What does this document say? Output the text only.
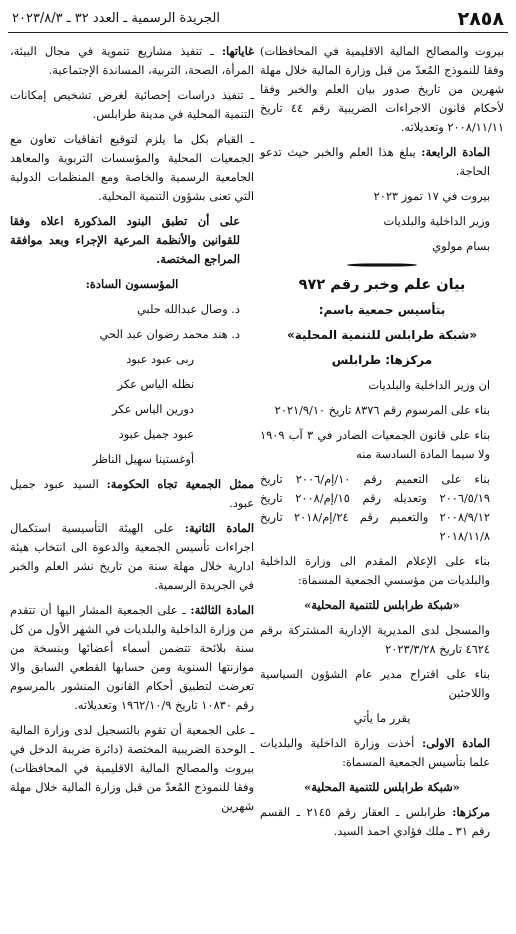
٢٨٥٨
الجريدة الرسمية ـ العدد ٣٢ ـ ٢٠٢٣/٨/٣

بيروت والمصالح المالية الاقليمية في المحافظات) وفقا للنموذج المُعدّ من قبل وزارة المالية خلال مهلة شهرين من تاريخ صدور بيان العلم والخبر وفقا لأحكام قانون الاجراءات الضريبية رقم ٤٤ تاريخ ٢٠٠٨/١١/١١ وتعديلاته.

المادة الرابعة: يبلغ هذا العلم والخبر حيث تدعو الحاجة.

بيروت في ١٧ تموز ٢٠٢٣

وزير الداخلية والبلديات

بسام مولوي

بيان علم وخبر رقم ٩٧٢

بتأسيس جمعية باسم:

«شبكة طرابلس للتنمية المحلية»

مركزها: طرابلس

ان وزير الداخلية والبلديات

بناء على المرسوم رقم ٨٣٧٦ تاريخ ٢٠٢١/٩/١٠

بناء على قانون الجمعيات الصادر في ٣ آب ١٩٠٩ ولا سيما المادة السادسة منه

بناء على التعميم رقم ١٠/إم/٢٠٠٦ تاريخ ٢٠٠٦/٥/١٩ وتعديله رقم ١٥/إم/٢٠٠٨ تاريخ ٢٠٠٨/٩/١٢ والتعميم رقم ٢٤/إم/٢٠١٨ تاريخ ٢٠١٨/١١/٨

بناء على الإعلام المقدم الى وزارة الداخلية والبلديات من مؤسسي الجمعية المسماة:

«شبكة طرابلس للتنمية المحلية»

والمسجل لدى المديرية الإدارية المشتركة برقم ٤٦٢٤ تاريخ ٢٠٢٣/٣/٢٨

بناء على اقتراح مدير عام الشؤون السياسية واللاجئين

يقرر ما يأتي

المادة الاولى: أخذت وزارة الداخلية والبلديات علما بتأسيس الجمعية المسماة:

«شبكة طرابلس للتنمية المحلية»

مركزها: طرابلس ـ العقار رقم ٢١٤٥ ـ القسم رقم ٣١ ـ ملك فؤادي احمد السيد.

غاياتها: ـ تنفيذ مشاريع تنموية في مجال البيئة، المرأة، الصحة، التربية، المساندة الإجتماعية.

ـ تنفيذ دراسات إحصائية لغرض تشخيص إمكانات التنمية المحلية في مدينة طرابلس.

ـ القيام بكل ما يلزم لتوقيع اتفاقيات تعاون مع الجمعيات المحلية والمؤسسات التربوية والمعاهد الجامعية الرسمية والخاصة ومع المنظمات الدولية التي تعنى بشؤون التنمية المحلية.

على أن تطبق البنود المذكورة اعلاه وفقا للقوانين والأنظمة المرعية الإجراء وبعد موافقة المراجع المختصة.

المؤسسون السادة:

د. وصال عبدالله حلبي

د. هند محمد رضوان عبد الحي

ربى عبود عبود

نظله الياس عكر

دورين الياس عكر

عبود جميل عبود

أوغستينا سهيل الناظر

ممثل الجمعية تجاه الحكومة: السيد عبود جميل عبود.

المادة الثانية: على الهيئة التأسيسية استكمال اجراءات تأسيس الجمعية والدعوة الى انتخاب هيئة ادارية خلال مهلة سنة من تاريخ نشر العلم والخبر في الجريدة الرسمية.

المادة الثالثة: ـ على الجمعية المشار اليها أن تتقدم من وزارة الداخلية والبلديات في الشهر الأول من كل سنة بلائحة تتضمن أسماء أعضائها وبنسخة من موازنتها السنوية ومن حسابها القطعي السابق والا تعرضت لتطبيق أحكام القانون المنشور بالمرسوم رقم ١٠٨٣٠ تاريخ ١٩٦٢/١٠/٩ وتعديلاته.

ـ على الجمعية أن تقوم بالتسجيل لدى وزارة المالية ـ الوحدة الضريبية المختصة (دائرة ضريبة الدخل في بيروت والمصالح المالية الاقليمية في المحافظات) وفقا للنموذج المُعدّ من قبل وزارة المالية خلال مهلة شهرين
